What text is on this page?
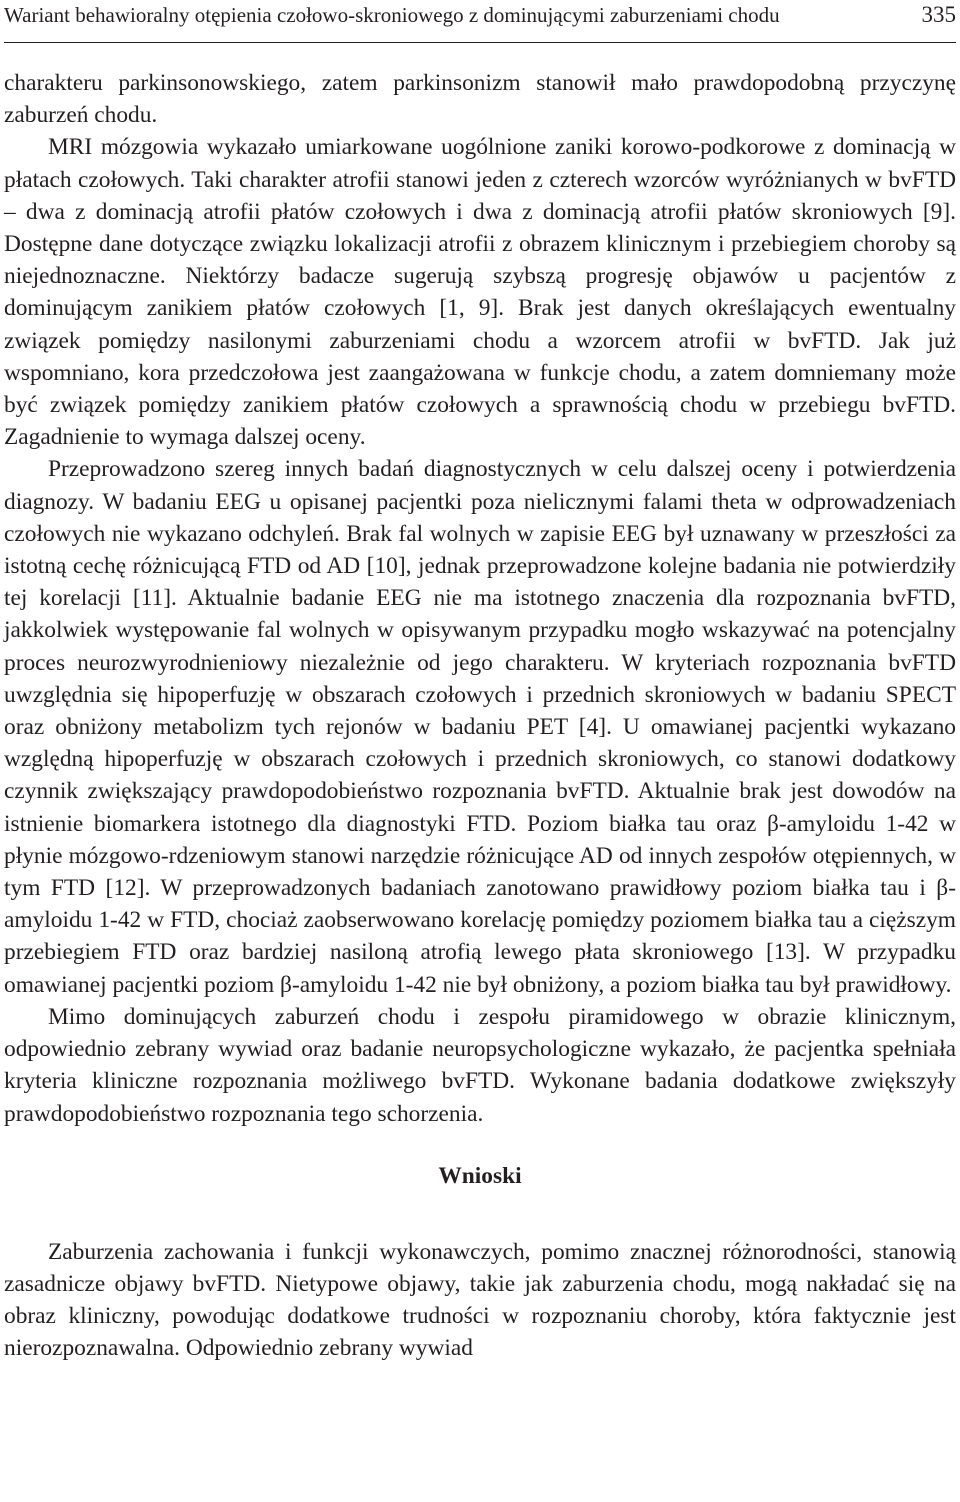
Wariant behawioralny otępienia czołowo-skroniowego z dominującymi zaburzeniami chodu	335

charakteru parkinsonowskiego, zatem parkinsonizm stanowił mało prawdopodobną przyczynę zaburzeń chodu.

MRI mózgowia wykazało umiarkowane uogólnione zaniki korowo-podkorowe z dominacją w płatach czołowych. Taki charakter atrofii stanowi jeden z czterech wzorców wyróżnianych w bvFTD – dwa z dominacją atrofii płatów czołowych i dwa z dominacją atrofii płatów skroniowych [9]. Dostępne dane dotyczące związku lokalizacji atrofii z obrazem klinicznym i przebiegiem choroby są niejednoznaczne. Niektórzy badacze sugerują szybszą progresję objawów u pacjentów z dominującym zanikiem płatów czołowych [1, 9]. Brak jest danych określających ewentualny związek pomiędzy nasilonymi zaburzeniami chodu a wzorcem atrofii w bvFTD. Jak już wspomniano, kora przedczołowa jest zaangażowana w funkcje chodu, a zatem domniemany może być związek pomiędzy zanikiem płatów czołowych a sprawnością chodu w przebiegu bvFTD. Zagadnienie to wymaga dalszej oceny.

Przeprowadzono szereg innych badań diagnostycznych w celu dalszej oceny i potwierdzenia diagnozy. W badaniu EEG u opisanej pacjentki poza nielicznymi falami theta w odprowadzeniach czołowych nie wykazano odchyleń. Brak fal wolnych w zapisie EEG był uznawany w przeszłości za istotną cechę różnicującą FTD od AD [10], jednak przeprowadzone kolejne badania nie potwierdziły tej korelacji [11]. Aktualnie badanie EEG nie ma istotnego znaczenia dla rozpoznania bvFTD, jakkolwiek występowanie fal wolnych w opisywanym przypadku mogło wskazywać na potencjalny proces neurozwyrodnieniowy niezależnie od jego charakteru. W kryteriach rozpoznania bvFTD uwzględnia się hipoperfuzję w obszarach czołowych i przednich skroniowych w badaniu SPECT oraz obniżony metabolizm tych rejonów w badaniu PET [4]. U omawianej pacjentki wykazano względną hipoperfuzję w obszarach czołowych i przednich skroniowych, co stanowi dodatkowy czynnik zwiększający prawdopodobieństwo rozpoznania bvFTD. Aktualnie brak jest dowodów na istnienie biomarkera istotnego dla diagnostyki FTD. Poziom białka tau oraz β-amyloidu 1-42 w płynie mózgowo-rdzeniowym stanowi narzędzie różnicujące AD od innych zespołów otępiennych, w tym FTD [12]. W przeprowadzonych badaniach zanotowano prawidłowy poziom białka tau i β-amyloidu 1-42 w FTD, chociaż zaobserwowano korelację pomiędzy poziomem białka tau a cięższym przebiegiem FTD oraz bardziej nasiloną atrofią lewego płata skroniowego [13]. W przypadku omawianej pacjentki poziom β-amyloidu 1-42 nie był obniżony, a poziom białka tau był prawidłowy.

Mimo dominujących zaburzeń chodu i zespołu piramidowego w obrazie klinicznym, odpowiednio zebrany wywiad oraz badanie neuropsychologiczne wykazało, że pacjentka spełniała kryteria kliniczne rozpoznania możliwego bvFTD. Wykonane badania dodatkowe zwiększyły prawdopodobieństwo rozpoznania tego schorzenia.

Wnioski

Zaburzenia zachowania i funkcji wykonawczych, pomimo znacznej różnorodności, stanowią zasadnicze objawy bvFTD. Nietypowe objawy, takie jak zaburzenia chodu, mogą nakładać się na obraz kliniczny, powodując dodatkowe trudności w rozpoznaniu choroby, która faktycznie jest nierozpoznawalna. Odpowiednio zebrany wywiad
